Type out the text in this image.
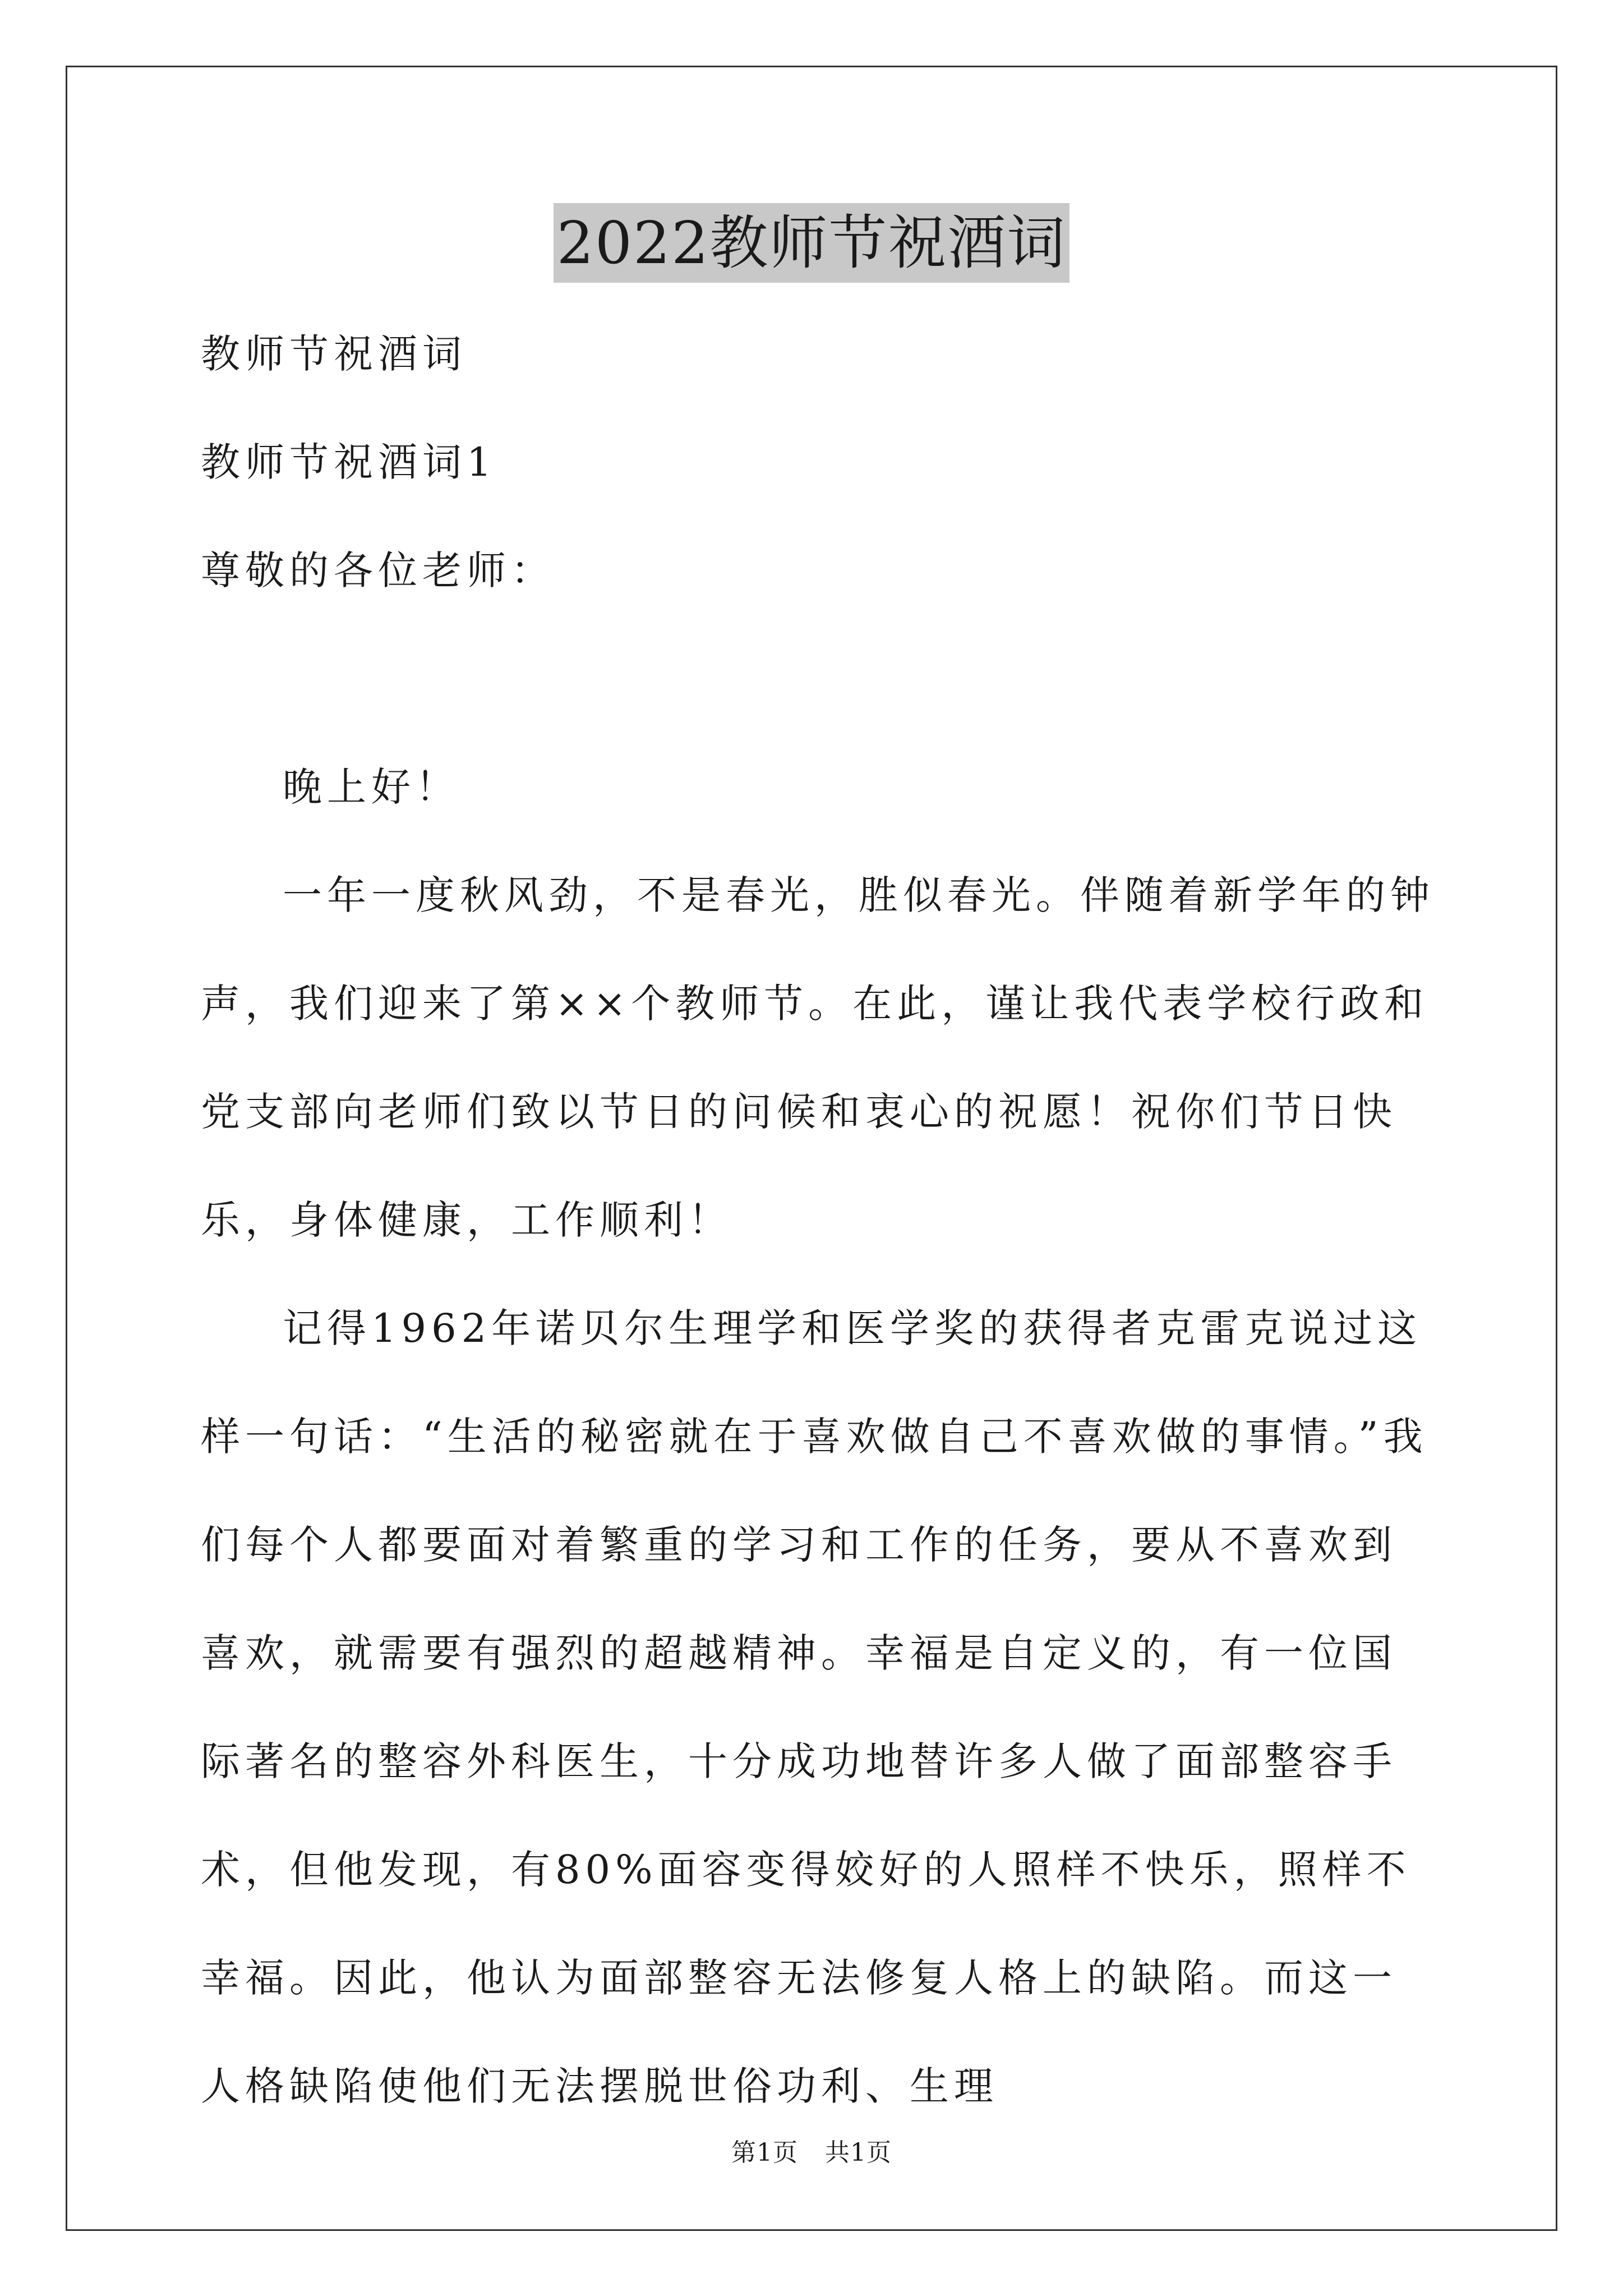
2022教师节祝酒词

教师节祝酒词

教师节祝酒词1

尊敬的各位老师：

晚上好！

一年一度秋风劲，不是春光，胜似春光。伴随着新学年的钟声，我们迎来了第××个教师节。在此，谨让我代表学校行政和党支部向老师们致以节日的问候和衷心的祝愿！祝你们节日快乐，身体健康，工作顺利！

记得1962年诺贝尔生理学和医学奖的获得者克雷克说过这样一句话：“生活的秘密就在于喜欢做自己不喜欢做的事情。”我们每个人都要面对着繁重的学习和工作的任务，要从不喜欢到喜欢，就需要有强烈的超越精神。幸福是自定义的，有一位国际著名的整容外科医生，十分成功地替许多人做了面部整容手术，但他发现，有80%面容变得姣好的人照样不快乐，照样不幸福。因此，他认为面部整容无法修复人格上的缺陷。而这一人格缺陷使他们无法摆脱世俗功利、生理

第1页 共1页
